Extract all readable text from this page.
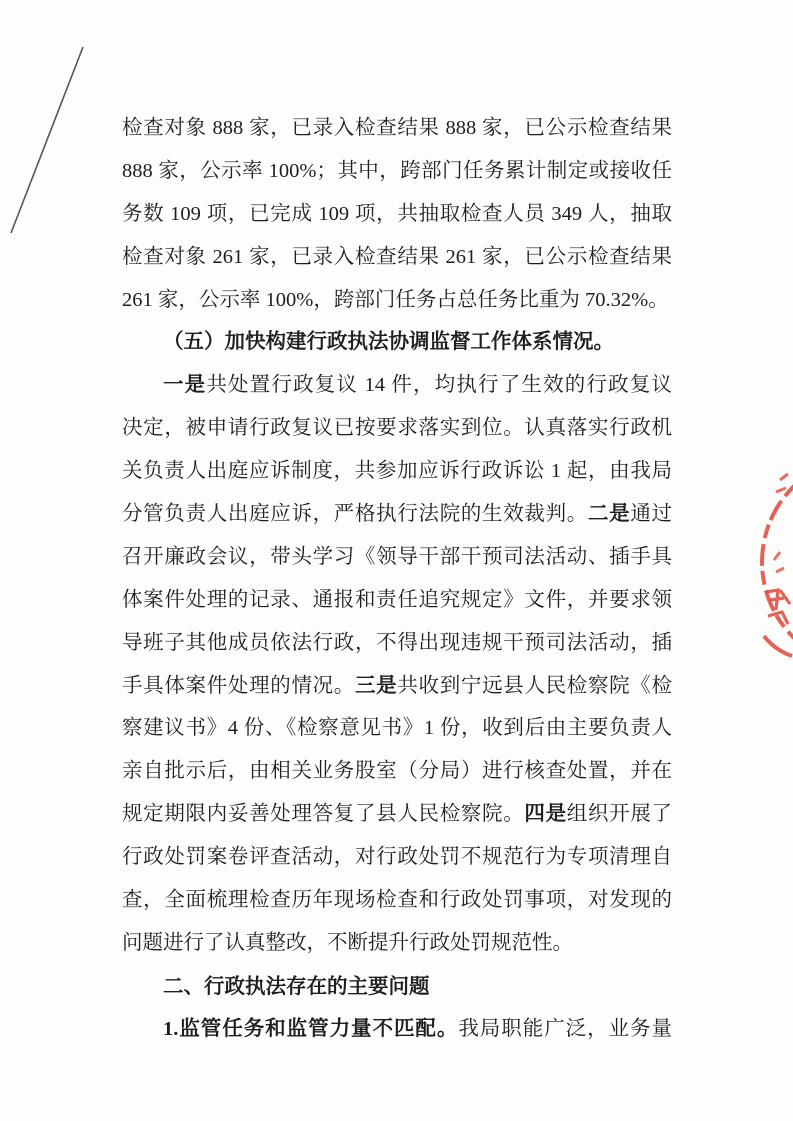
检查对象 888 家，已录入检查结果 888 家，已公示检查结果
888 家，公示率 100%；其中，跨部门任务累计制定或接收任
务数 109 项，已完成 109 项，共抽取检查人员 349 人，抽取
检查对象 261 家，已录入检查结果 261 家，已公示检查结果
261 家，公示率 100%，跨部门任务占总任务比重为 70.32%。
（五）加快构建行政执法协调监督工作体系情况。
一是共处置行政复议 14 件，均执行了生效的行政复议
决定，被申请行政复议已按要求落实到位。认真落实行政机
关负责人出庭应诉制度，共参加应诉行政诉讼 1 起，由我局
分管负责人出庭应诉，严格执行法院的生效裁判。二是通过
召开廉政会议，带头学习《领导干部干预司法活动、插手具
体案件处理的记录、通报和责任追究规定》文件，并要求领
导班子其他成员依法行政，不得出现违规干预司法活动，插
手具体案件处理的情况。三是共收到宁远县人民检察院《检
察建议书》4 份、《检察意见书》1 份，收到后由主要负责人
亲自批示后，由相关业务股室（分局）进行核查处置，并在
规定期限内妥善处理答复了县人民检察院。四是组织开展了
行政处罚案卷评查活动，对行政处罚不规范行为专项清理自
查，全面梳理检查历年现场检查和行政处罚事项，对发现的
问题进行了认真整改，不断提升行政处罚规范性。
二、行政执法存在的主要问题
1.监管任务和监管力量不匹配。我局职能广泛，业务量
